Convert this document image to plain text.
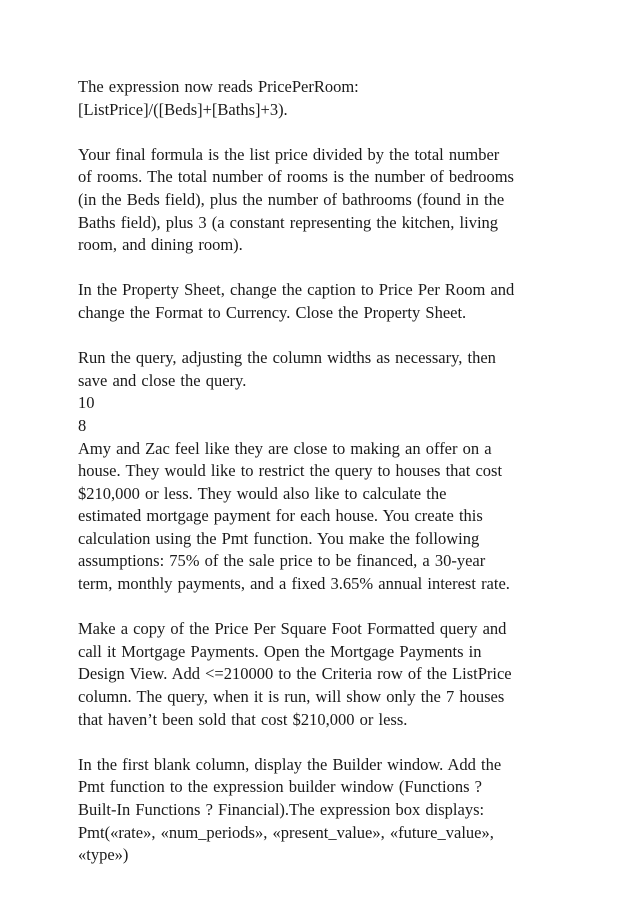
The expression now reads PricePerRoom:
[ListPrice]/([Beds]+[Baths]+3).

Your final formula is the list price divided by the total number
of rooms. The total number of rooms is the number of bedrooms
(in the Beds field), plus the number of bathrooms (found in the
Baths field), plus 3 (a constant representing the kitchen, living
room, and dining room).

In the Property Sheet, change the caption to Price Per Room and
change the Format to Currency. Close the Property Sheet.

Run the query, adjusting the column widths as necessary, then
save and close the query.
10
8
Amy and Zac feel like they are close to making an offer on a
house. They would like to restrict the query to houses that cost
$210,000 or less. They would also like to calculate the
estimated mortgage payment for each house. You create this
calculation using the Pmt function. You make the following
assumptions: 75% of the sale price to be financed, a 30-year
term, monthly payments, and a fixed 3.65% annual interest rate.

Make a copy of the Price Per Square Foot Formatted query and
call it Mortgage Payments. Open the Mortgage Payments in
Design View. Add <=210000 to the Criteria row of the ListPrice
column. The query, when it is run, will show only the 7 houses
that haven’t been sold that cost $210,000 or less.

In the first blank column, display the Builder window. Add the
Pmt function to the expression builder window (Functions ?
Built-In Functions ? Financial).The expression box displays:
Pmt(«rate», «num_periods», «present_value», «future_value»,
«type»)
